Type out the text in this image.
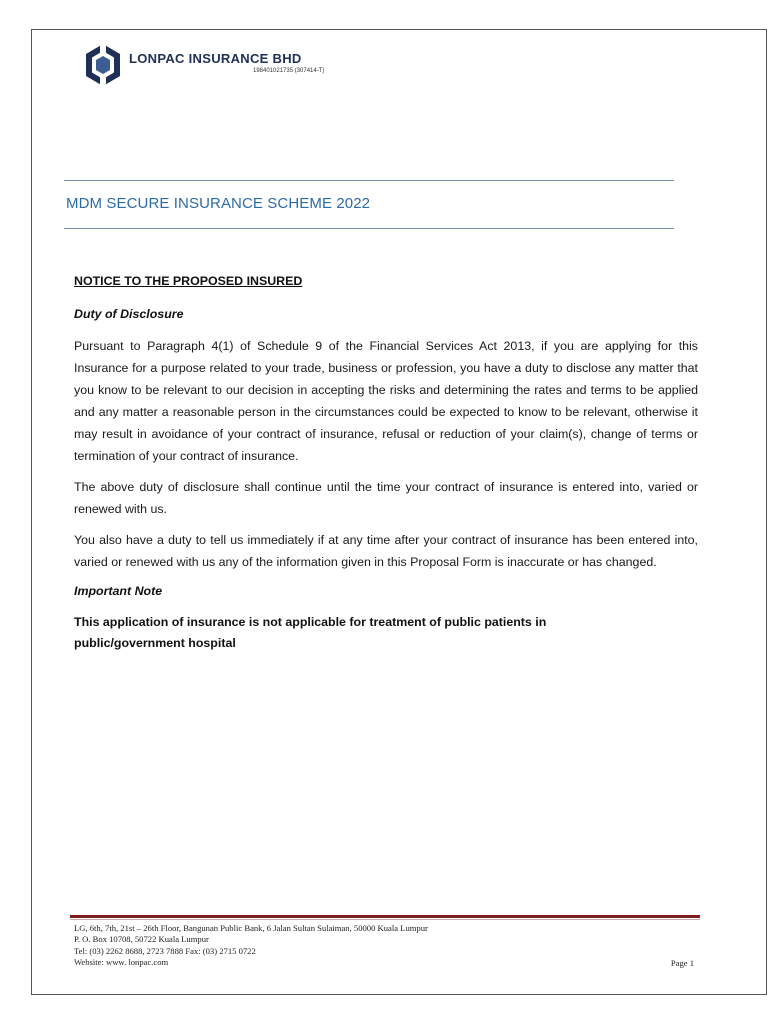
LONPAC INSURANCE BHD
198401021735 (307414-T)
MDM SECURE INSURANCE SCHEME 2022

NOTICE TO THE PROPOSED INSURED

Duty of Disclosure

Pursuant to Paragraph 4(1) of Schedule 9 of the Financial Services Act 2013, if you are applying for this Insurance for a purpose related to your trade, business or profession, you have a duty to disclose any matter that you know to be relevant to our decision in accepting the risks and determining the rates and terms to be applied and any matter a reasonable person in the circumstances could be expected to know to be relevant, otherwise it may result in avoidance of your contract of insurance, refusal or reduction of your claim(s), change of terms or termination of your contract of insurance.

The above duty of disclosure shall continue until the time your contract of insurance is entered into, varied or renewed with us.

You also have a duty to tell us immediately if at any time after your contract of insurance has been entered into, varied or renewed with us any of the information given in this Proposal Form is inaccurate or has changed.

Important Note

This application of insurance is not applicable for treatment of public patients in public/government hospital

LG, 6th, 7th, 21st – 26th Floor, Bangunan Public Bank, 6 Jalan Sultan Sulaiman, 50000 Kuala Lumpur
P. O. Box 10708, 50722 Kuala Lumpur
Tel: (03) 2262 8688, 2723 7888 Fax: (03) 2715 0722
Website: www. lonpac.com	Page 1
